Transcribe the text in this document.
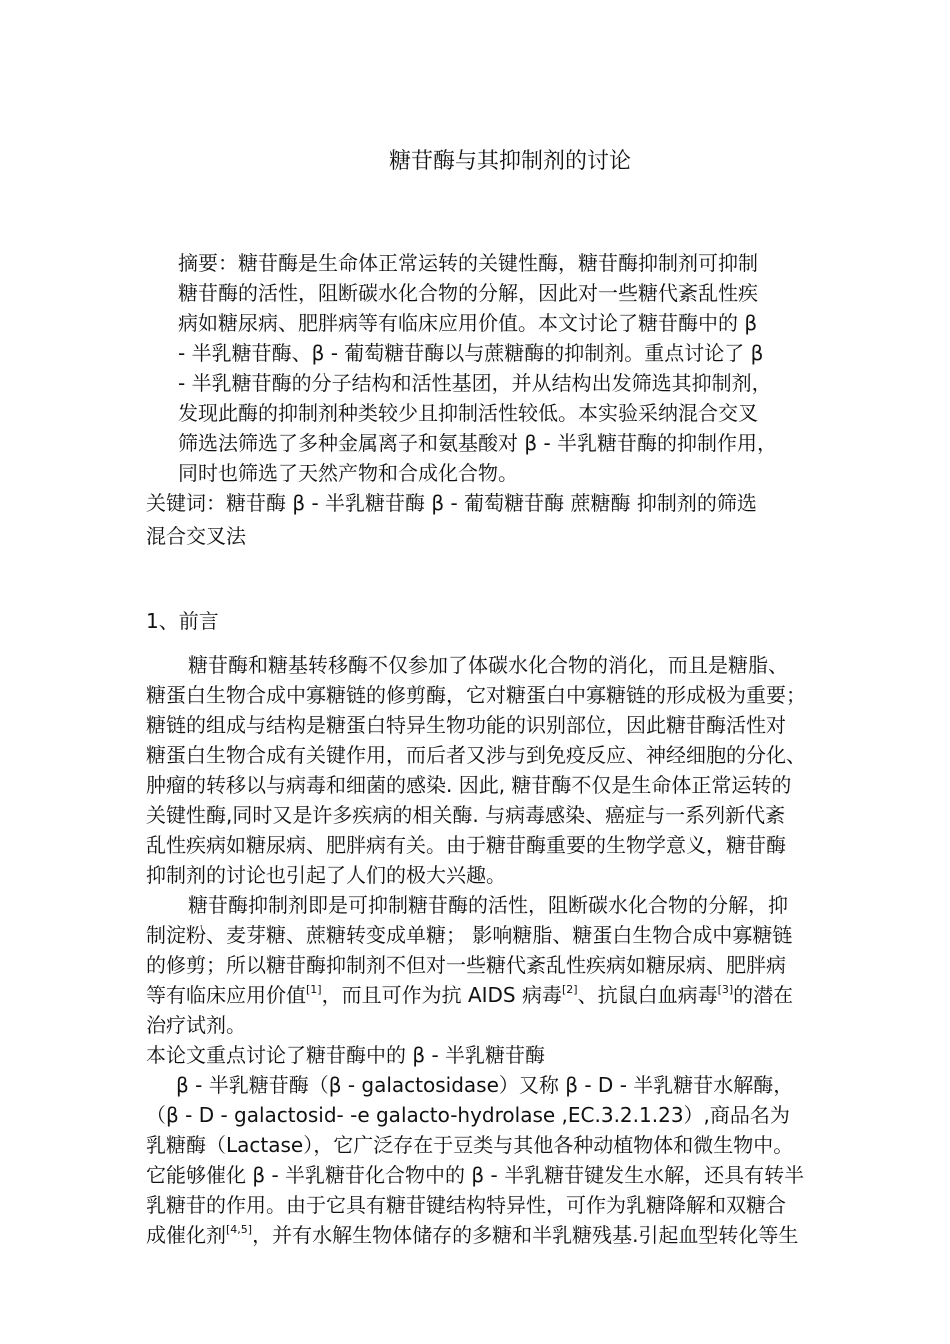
糖苷酶与其抑制剂的讨论
摘要：糖苷酶是生命体正常运转的关键性酶，糖苷酶抑制剂可抑制
糖苷酶的活性，阻断碳水化合物的分解，因此对一些糖代紊乱性疾
病如糖尿病、肥胖病等有临床应用价值。本文讨论了糖苷酶中的 β
- 半乳糖苷酶、β - 葡萄糖苷酶以与蔗糖酶的抑制剂。重点讨论了 β
- 半乳糖苷酶的分子结构和活性基团，并从结构出发筛选其抑制剂，
发现此酶的抑制剂种类较少且抑制活性较低。本实验采纳混合交叉
筛选法筛选了多种金属离子和氨基酸对 β - 半乳糖苷酶的抑制作用，
同时也筛选了天然产物和合成化合物。
关键词：糖苷酶 β - 半乳糖苷酶 β - 葡萄糖苷酶 蔗糖酶 抑制剂的筛选
混合交叉法
1、前言
糖苷酶和糖基转移酶不仅参加了体碳水化合物的消化，而且是糖脂、
糖蛋白生物合成中寡糖链的修剪酶，它对糖蛋白中寡糖链的形成极为重要；
糖链的组成与结构是糖蛋白特异生物功能的识别部位，因此糖苷酶活性对
糖蛋白生物合成有关键作用，而后者又涉与到免疫反应、神经细胞的分化、
肿瘤的转移以与病毒和细菌的感染. 因此, 糖苷酶不仅是生命体正常运转的
关键性酶,同时又是许多疾病的相关酶. 与病毒感染、癌症与一系列新代紊
乱性疾病如糖尿病、肥胖病有关。由于糖苷酶重要的生物学意义，糖苷酶
抑制剂的讨论也引起了人们的极大兴趣。
糖苷酶抑制剂即是可抑制糖苷酶的活性，阻断碳水化合物的分解，抑
制淀粉、麦芽糖、蔗糖转变成单糖； 影响糖脂、糖蛋白生物合成中寡糖链
的修剪；所以糖苷酶抑制剂不但对一些糖代紊乱性疾病如糖尿病、肥胖病
等有临床应用价值[1]，而且可作为抗 AIDS 病毒[2]、抗鼠白血病毒[3]的潜在
治疗试剂。
本论文重点讨论了糖苷酶中的 β - 半乳糖苷酶
β - 半乳糖苷酶（β - galactosidase）又称 β - D - 半乳糖苷水解酶，
（β - D - galactosid- -e galacto-hydrolase ,EC.3.2.1.23）,商品名为
乳糖酶（Lactase），它广泛存在于豆类与其他各种动植物体和微生物中。
它能够催化 β - 半乳糖苷化合物中的 β - 半乳糖苷键发生水解，还具有转半
乳糖苷的作用。由于它具有糖苷键结构特异性，可作为乳糖降解和双糖合
成催化剂[4,5]，并有水解生物体储存的多糖和半乳糖残基.引起血型转化等生
